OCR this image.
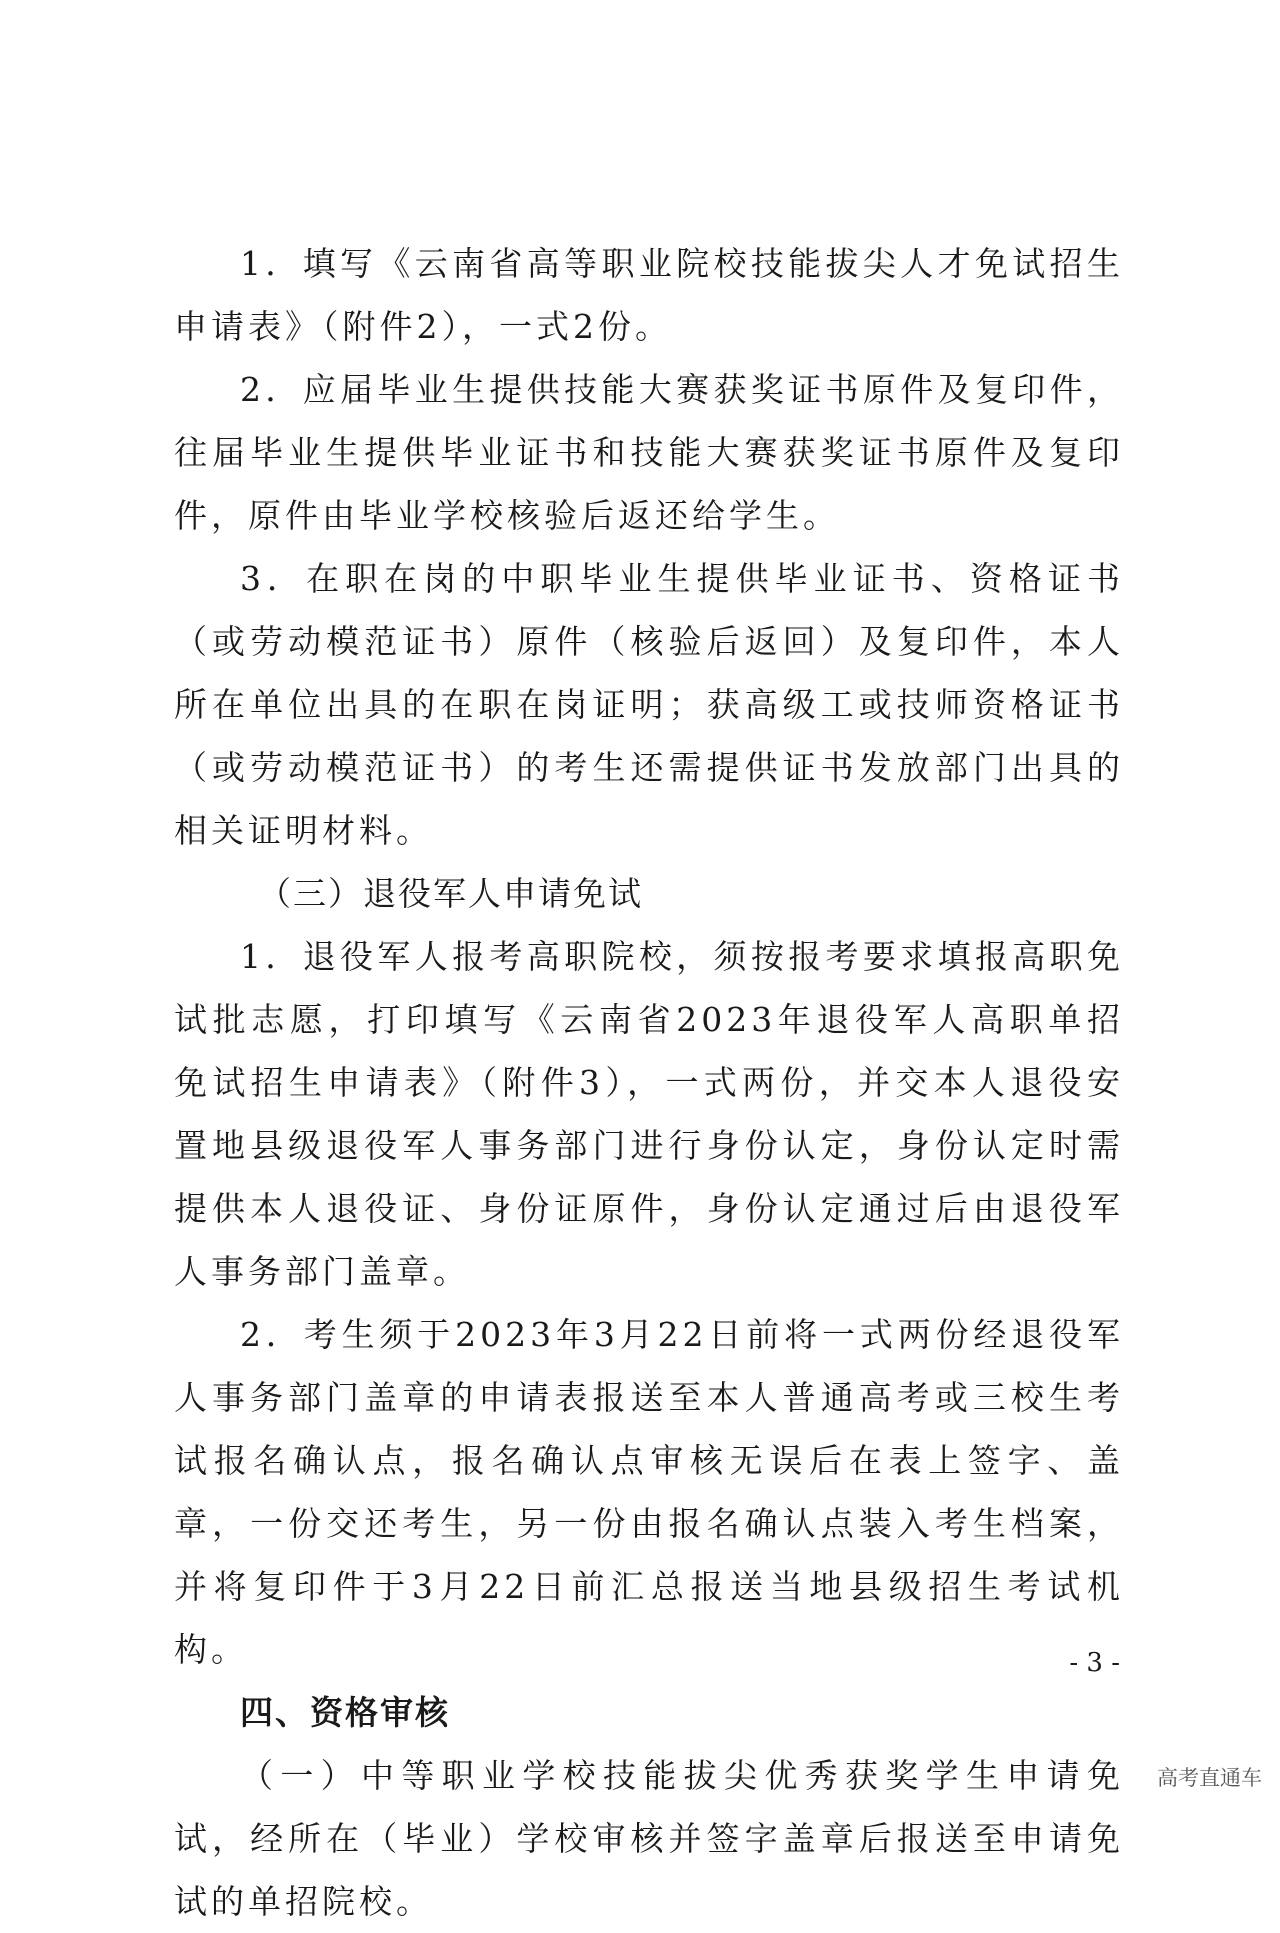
1．填写《云南省高等职业院校技能拔尖人才免试招生申请表》（附件2），一式2份。

2．应届毕业生提供技能大赛获奖证书原件及复印件，往届毕业生提供毕业证书和技能大赛获奖证书原件及复印件，原件由毕业学校核验后返还给学生。

3．在职在岗的中职毕业生提供毕业证书、资格证书（或劳动模范证书）原件（核验后返回）及复印件，本人所在单位出具的在职在岗证明；获高级工或技师资格证书（或劳动模范证书）的考生还需提供证书发放部门出具的相关证明材料。

（三）退役军人申请免试

1．退役军人报考高职院校，须按报考要求填报高职免试批志愿，打印填写《云南省2023年退役军人高职单招免试招生申请表》（附件3），一式两份，并交本人退役安置地县级退役军人事务部门进行身份认定，身份认定时需提供本人退役证、身份证原件，身份认定通过后由退役军人事务部门盖章。

2．考生须于2023年3月22日前将一式两份经退役军人事务部门盖章的申请表报送至本人普通高考或三校生考试报名确认点，报名确认点审核无误后在表上签字、盖章，一份交还考生，另一份由报名确认点装入考生档案，并将复印件于3月22日前汇总报送当地县级招生考试机构。

四、资格审核

（一）中等职业学校技能拔尖优秀获奖学生申请免试，经所在（毕业）学校审核并签字盖章后报送至申请免试的单招院校。

- 3 -
高考直通车
